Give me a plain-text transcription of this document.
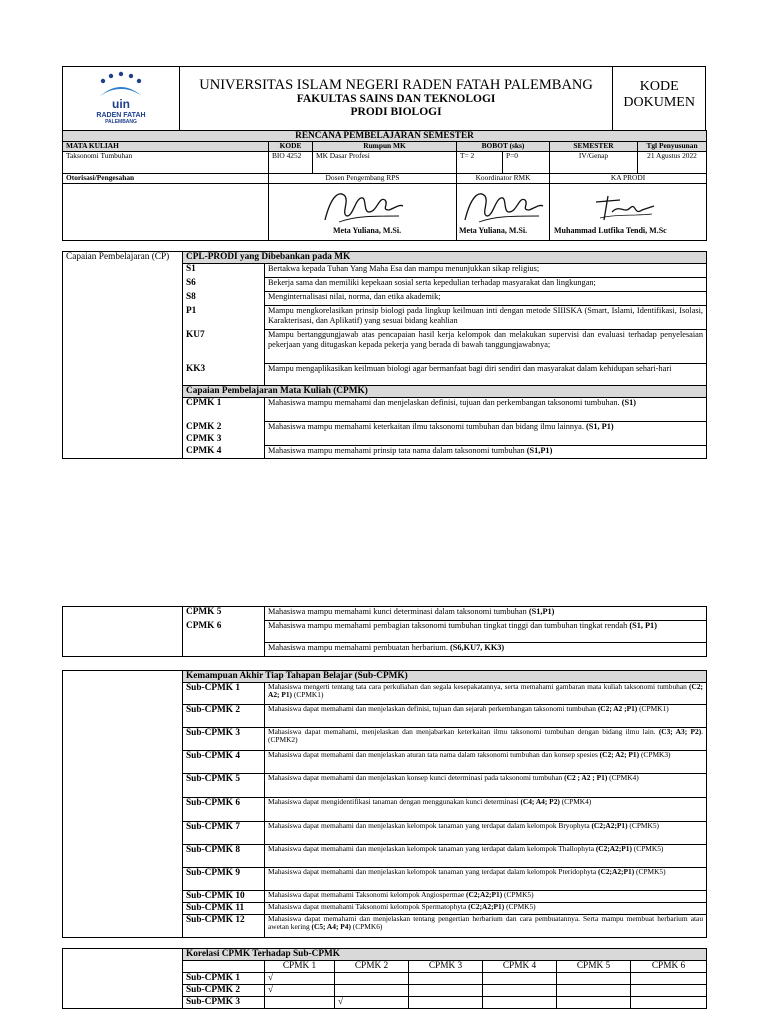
uin
RADEN FATAH
PALEMBANG

UNIVERSITAS ISLAM NEGERI RADEN FATAH PALEMBANG
FAKULTAS SAINS DAN TEKNOLOGI
PRODI BIOLOGI
	KODE DOKUMEN
RENCANA PEMBELAJARAN SEMESTER						
MATA KULIAH	KODE	Rumpun MK	BOBOT (sks)		SEMESTER	Tgl Penyusunan
Taksonomi Tumbuhan	BIO 4252	MK Dasar Profesi	T= 2	P=0	IV/Genap	21 Agustus 2022
Otorisasi/Pengesahan	Dosen Pengembang RPS		Koordinator RMK		KA PRODI	

	Meta Yuliana, M.Si.		Meta Yuliana, M.Si.		Muhammad Lutfika Tendi, M.Sc	
Capaian Pembelajaran (CP)	CPL-PRODI yang Dibebankan pada MK	
	S1	Bertakwa kepada Tuhan Yang Maha Esa dan mampu menunjukkan sikap religius;
	S6	Bekerja sama dan memiliki kepekaan sosial serta kepedulian terhadap masyarakat dan lingkungan;
	S8	Menginternalisasi nilai, norma, dan etika akademik;
	P1	Mampu mengkorelasikan prinsip biologi pada lingkup keilmuan inti dengan metode SIIISKA (Smart, Islami, Identifikasi, Isolasi, Karakterisasi, dan Aplikatif) yang sesuai bidang keahlian
	KU7	Mampu bertanggungjawab atas pencapaian hasil kerja kelompok dan melakukan supervisi dan evaluasi terhadap penyelesaian pekerjaan yang ditugaskan kepada pekerja yang berada di bawah tanggungjawabnya;
	KK3	Mampu mengaplikasikan keilmuan biologi agar bermanfaat bagi diri sendiri dan masyarakat dalam kehidupan sehari-hari
	Capaian Pembelajaran Mata Kuliah (CPMK)	
	CPMK 1	Mahasiswa mampu memahami dan menjelaskan definisi, tujuan dan perkembangan taksonomi tumbuhan. (S1)
	CPMK 2	Mahasiswa mampu memahami keterkaitan ilmu taksonomi tumbuhan dan bidang ilmu lainnya. (S1, P1)
	CPMK 3	
	CPMK 4	Mahasiswa mampu memahami prinsip tata nama dalam taksonomi tumbuhan (S1,P1)
	CPMK 5	Mahasiswa mampu memahami kunci determinasi dalam taksonomi tumbuhan (S1,P1)
	CPMK 6	Mahasiswa mampu memahami pembagian taksonomi tumbuhan tingkat tinggi dan tumbuhan tingkat rendah (S1, P1)
		Mahasiswa mampu memahami pembuatan herbarium. (S6,KU7, KK3)
	Kemampuan Akhir Tiap Tahapan Belajar (Sub-CPMK)	
	Sub-CPMK 1	Mahasiswa mengerti tentang tata cara perkuliahan dan segala kesepakatannya, serta memahami gambaran mata kuliah taksonomi tumbuhan (C2; A2; P1) (CPMK1)
	Sub-CPMK 2	Mahasiswa dapat memahami dan menjelaskan definisi, tujuan dan sejarah perkembangan taksonomi tumbuhan (C2; A2 ;P1) (CPMK1)
	Sub-CPMK 3	Mahasiswa dapat memahami, menjelaskan dan menjabarkan keterkaitan ilmu taksonomi tumbuhan dengan bidang ilmu lain. (C3; A3; P2). (CPMK2)
	Sub-CPMK 4	Mahasiswa dapat memahami dan menjelaskan aturan tata nama dalam taksonomi tumbuhan dan konsep spesies (C2; A2; P1) (CPMK3)
	Sub-CPMK 5	Mahasiswa dapat memahami dan menjelaskan konsep kunci determinasi pada taksonomi tumbuhan (C2 ; A2 ; P1) (CPMK4)
	Sub-CPMK 6	Mahasiswa dapat mengidentifikasi tanaman dengan menggunakan kunci determinasi (C4; A4; P2) (CPMK4)
	Sub-CPMK 7	Mahasiswa dapat memahami dan menjelaskan kelompok tanaman yang terdapat dalam kelompok Bryophyta (C2;A2;P1) (CPMK5)
	Sub-CPMK 8	Mahasiswa dapat memahami dan menjelaskan kelompok tanaman yang terdapat dalam kelompok Thallophyta (C2;A2;P1) (CPMK5)
	Sub-CPMK 9	Mahasiswa dapat memahami dan menjelaskan kelompok tanaman yang terdapat dalam kelompok Pteridophyta (C2;A2;P1) (CPMK5)
	Sub-CPMK 10	Mahasiswa dapat memahami Taksonomi kelompok Angiospermae (C2;A2;P1) (CPMK5)
	Sub-CPMK 11	Mahasiswa dapat memahami Taksonomi kelompok Spermatophyta (C2;A2;P1) (CPMK5)
	Sub-CPMK 12	Mahasiswa dapat memahami dan menjelaskan tentang pengertian herbarium dan cara pembuatannya. Serta mampu membuat herbarium atau awetan kering (C5; A4; P4) (CPMK6)
	Korelasi CPMK Terhadap Sub-CPMK						
		CPMK 1	CPMK 2	CPMK 3	CPMK 4	CPMK 5	CPMK 6
	Sub-CPMK 1	√					
	Sub-CPMK 2	√					
	Sub-CPMK 3		√				
